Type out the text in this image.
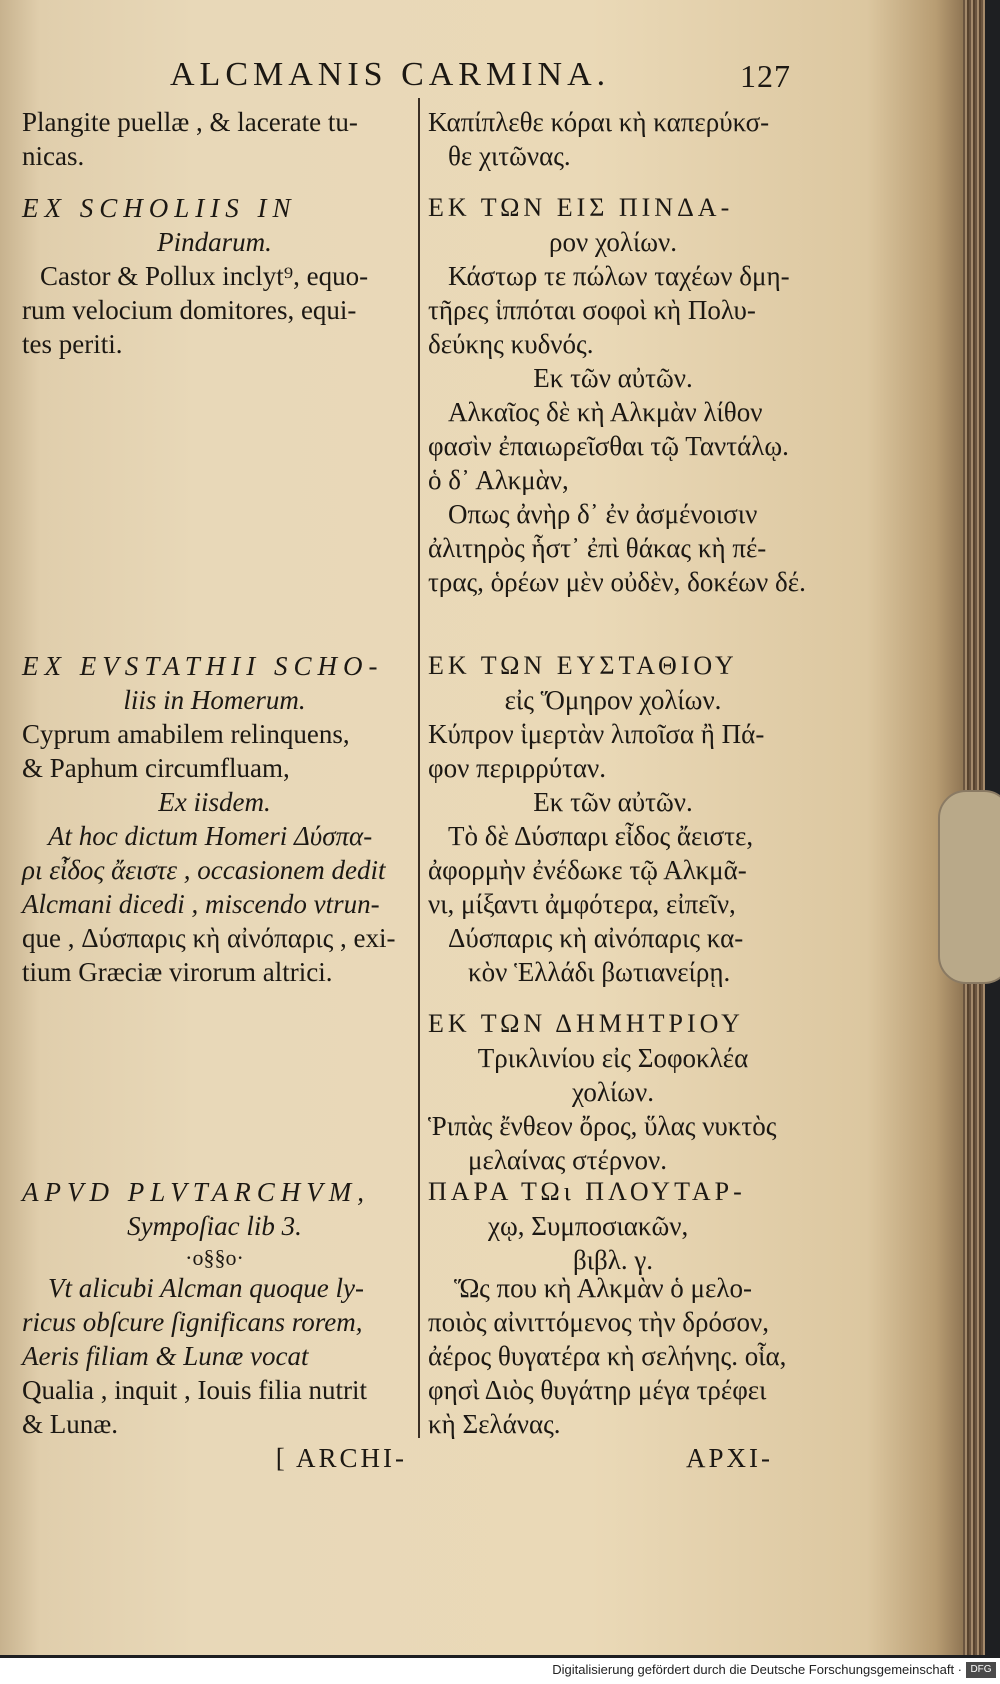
ALCMANIS CARMINA.	127
Plangite puellæ , & lacerate tu-
nicas.
EX SCHOLIIS IN
Pindarum.
Castor & Pollux inclyt⁹, equo-
rum velocium domitores, equi-
tes periti.
EX EVSTATHII SCHO-
liis in Homerum.
Cyprum amabilem relinquens,
& Paphum circumfluam,
Ex iisdem.
At hoc dictum Homeri Δύσπα-
ρι εἶδος ἄειστε , occasionem dedit
Alcmani dicedi , miscendo vtrun-
que , Δύσπαρις κὴ αἰνόπαρις , exi-
tium Græciæ virorum altrici.
APVD PLVTARCHVM,
Sympoſiac lib 3.
·o§§o·
Vt alicubi Alcman quoque ly-
ricus obſcure ſignificans rorem,
Aeris filiam & Lunæ vocat
Qualia , inquit , Iouis filia nutrit
& Lunæ.
[ ARCHI-
Καπίπλεθε κόραι κὴ καπερύκσ-
θε χιτῶνας.
ΕΚ ΤΩΝ ΕΙΣ ΠΙΝΔΑ-
ρον χολίων.
Κάστωρ τε πώλων ταχέων δμη-
τῆρες ἱππόται σοφοὶ κὴ Πολυ-
δεύκης κυδνός.
Εκ τῶν αὐτῶν.
Αλκαῖος δὲ κὴ Αλκμὰν λίθον
φασὶν ἐπαιωρεῖσθαι τῷ Ταντάλῳ.
ὁ δ᾽ Αλκμὰν,
Οπως ἀνὴρ δ᾽ ἐν ἀσμένοισιν
ἀλιτηρὸς ἧστ᾽ ἐπὶ θάκας κὴ πέ-
τρας, ὁρέων μὲν οὐδὲν, δοκέων δέ.
ΕΚ ΤΩΝ ΕΥΣΤΑΘΙΟΥ
εἰς Ὅμηρον χολίων.
Κύπρον ἱμερτὰν λιποῖσα ἢ Πά-
φον περιρρύταν.
Εκ τῶν αὐτῶν.
Τὸ δὲ Δύσπαρι εἶδος ἄειστε,
ἀφορμὴν ἐνέδωκε τῷ Αλκμᾶ-
νι, μίξαντι ἀμφότερα, εἰπεῖν,
Δύσπαρις κὴ αἰνόπαρις κα-
κὸν Ἑλλάδι βωτιανείρῃ.
ΕΚ ΤΩΝ ΔΗΜΗΤΡΙΟΥ
Τρικλινίου εἰς Σοφοκλέα
χολίων.
Ῥιπὰς ἔνθεον ὄρος, ὕλας νυκτὸς
μελαίνας στέρνον.
ΠΑΡΑ ΤΩι ΠΛΟΥΤΑΡ-
χῳ, Συμποσιακῶν,
βιβλ. γ.
Ὥς που κὴ Αλκμὰν ὁ μελο-
ποιὸς αἰνιττόμενος τὴν δρόσον,
ἀέρος θυγατέρα κὴ σελήνης. οἷα,
φησὶ Διὸς θυγάτηρ μέγα τρέφει
κὴ Σελάνας.
ΑΡΧΙ-
Digitalisierung gefördert durch die Deutsche Forschungsgemeinschaft · DFG
